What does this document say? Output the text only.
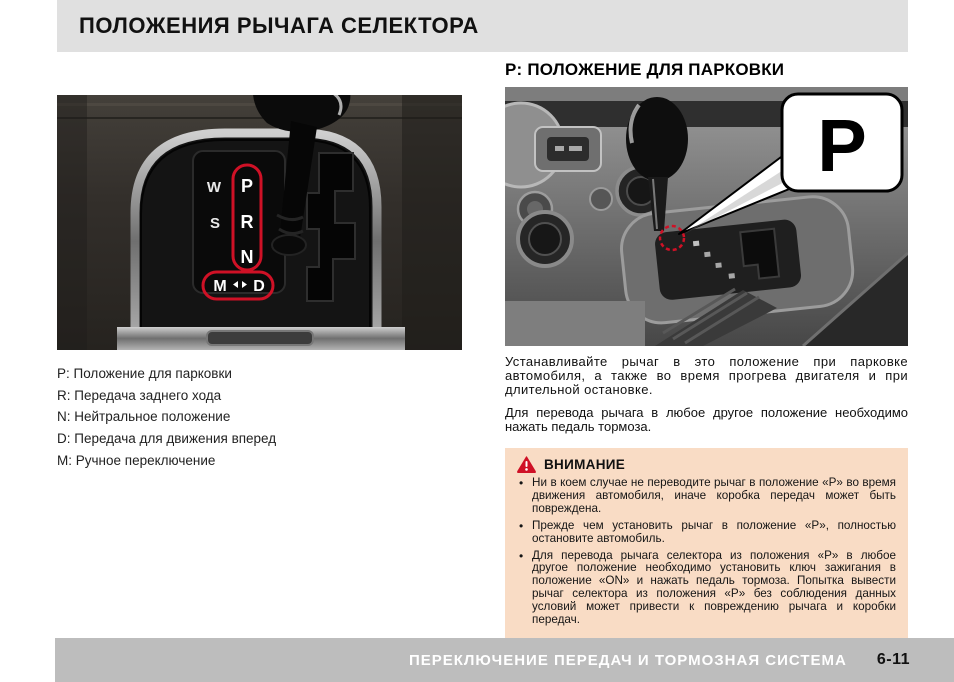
ПОЛОЖЕНИЯ РЫЧАГА СЕЛЕКТОРА
W
S
P
R
N
M D
P: Положение для парковки
R: Передача заднего хода
N: Нейтральное положение
D: Передача для движения вперед
M: Ручное переключение
P: ПОЛОЖЕНИЕ ДЛЯ ПАРКОВКИ
P

Устанавливайте рычаг в это положение при парковке автомобиля, а также во время прогрева двигателя и при длительной остановке.

Для перевода рычага в любое другое положение необходимо нажать педаль тормоза.

ВНИМАНИЕ
• Ни в коем случае не переводите рычаг в положение «P» во время движения автомобиля, иначе коробка передач может быть повреждена.
• Прежде чем установить рычаг в положение «P», полностью остановите автомобиль.
• Для перевода рычага селектора из положения «P» в любое другое положение необходимо установить ключ зажигания в положение «ON» и нажать педаль тормоза. Попытка вывести рычаг селектора из положения «P» без соблюдения данных условий может привести к повреждению рычага и коробки передач.
ПЕРЕКЛЮЧЕНИЕ ПЕРЕДАЧ И ТОРМОЗНАЯ СИСТЕМА 6-11
